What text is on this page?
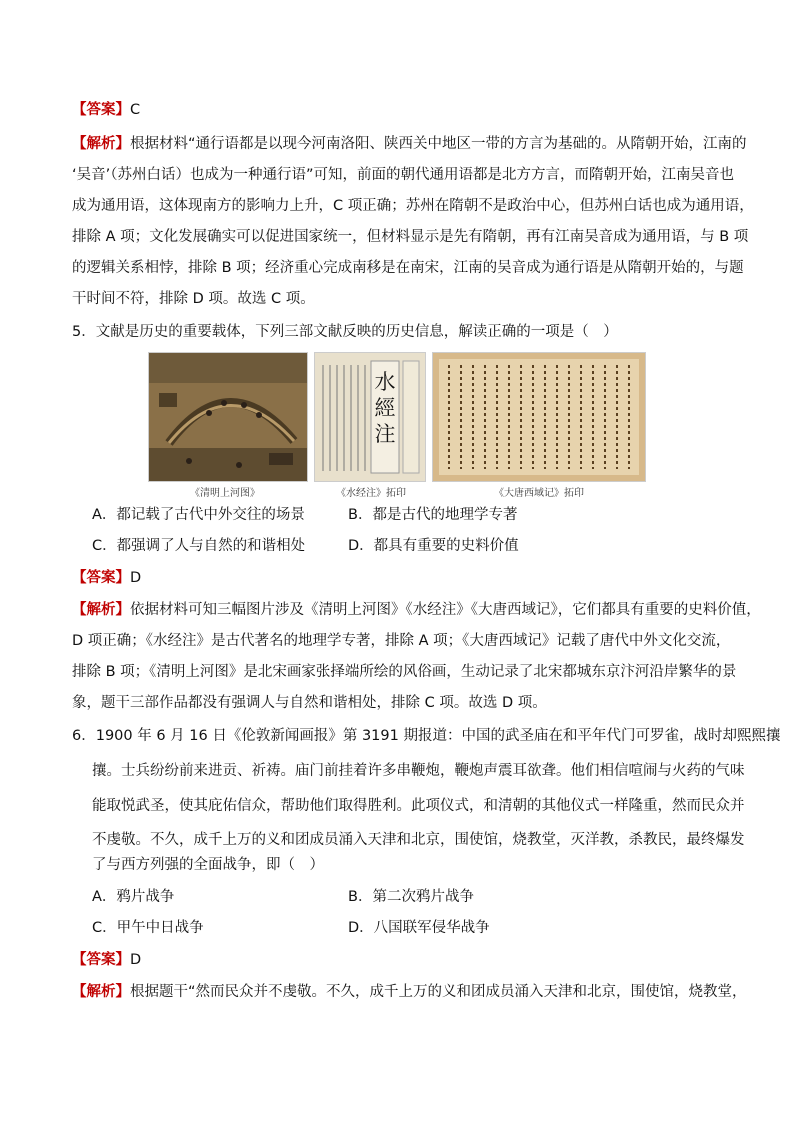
【答案】C
【解析】根据材料“通行语都是以现今河南洛阳、陕西关中地区一带的方言为基础的。从隋朝开始，江南的
‘吴音’（苏州白话）也成为一种通行语”可知，前面的朝代通用语都是北方方言，而隋朝开始，江南吴音也
成为通用语，这体现南方的影响力上升，C 项正确；苏州在隋朝不是政治中心，但苏州白话也成为通用语，
排除 A 项；文化发展确实可以促进国家统一，但材料显示是先有隋朝，再有江南吴音成为通用语，与 B 项
的逻辑关系相悖，排除 B 项；经济重心完成南移是在南宋，江南的吴音成为通行语是从隋朝开始的，与题
干时间不符，排除 D 项。故选 C 项。
5．文献是历史的重要载体，下列三部文献反映的历史信息，解读正确的一项是（　）
水經注
《清明上河图》	《水经注》拓印	《大唐西域记》拓印
A．都记载了古代中外交往的场景	B．都是古代的地理学专著
C．都强调了人与自然的和谐相处	D．都具有重要的史料价值
【答案】D
【解析】依据材料可知三幅图片涉及《清明上河图》《水经注》《大唐西域记》，它们都具有重要的史料价值，
D 项正确；《水经注》是古代著名的地理学专著，排除 A 项；《大唐西域记》记载了唐代中外文化交流，
排除 B 项；《清明上河图》是北宋画家张择端所绘的风俗画，生动记录了北宋都城东京汴河沿岸繁华的景
象，题干三部作品都没有强调人与自然和谐相处，排除 C 项。故选 D 项。
6．1900 年 6 月 16 日《伦敦新闻画报》第 3191 期报道：中国的武圣庙在和平年代门可罗雀，战时却熙熙攘
攘。士兵纷纷前来进贡、祈祷。庙门前挂着许多串鞭炮，鞭炮声震耳欲聋。他们相信喧闹与火药的气味
能取悦武圣，使其庇佑信众，帮助他们取得胜利。此项仪式，和清朝的其他仪式一样隆重，然而民众并
不虔敬。不久，成千上万的义和团成员涌入天津和北京，围使馆，烧教堂，灭洋教，杀教民，最终爆发
了与西方列强的全面战争，即（　）
A．鸦片战争	B．第二次鸦片战争
C．甲午中日战争	D．八国联军侵华战争
【答案】D
【解析】根据题干“然而民众并不虔敬。不久，成千上万的义和团成员涌入天津和北京，围使馆，烧教堂，
